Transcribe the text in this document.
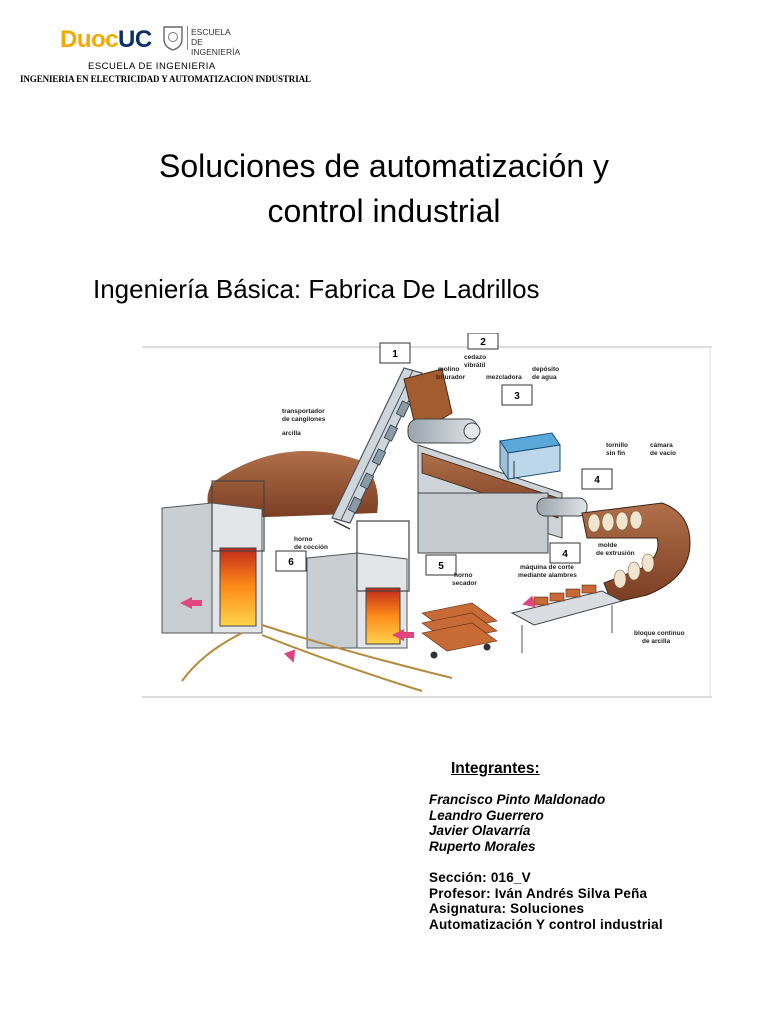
DuocUC	ESCUELA DE
INGENIERÍA
ESCUELA DE INGENIERIA
INGENIERIA EN ELECTRICIDAD Y AUTOMATIZACION INDUSTRIAL
Soluciones de automatización y
control industrial
Ingeniería Básica: Fabrica De Ladrillos
1
2
3
4
4
5
6
transportador
de cangilones
arcilla
molino
triturador
cedazo
vibrátil
mezcladora
depósito
de agua
tornillo
sin fin
cámara
de vacío
horno
de cocción
horno
secador
molde
de extrusión
máquina de corte
mediante alambres
bloque continuo
de arcilla

Integrantes:

Francisco Pinto Maldonado
Leandro Guerrero
Javier Olavarría
Ruperto Morales
Sección: 016_V
Profesor: Iván Andrés Silva Peña
Asignatura: Soluciones
Automatización Y control industrial
